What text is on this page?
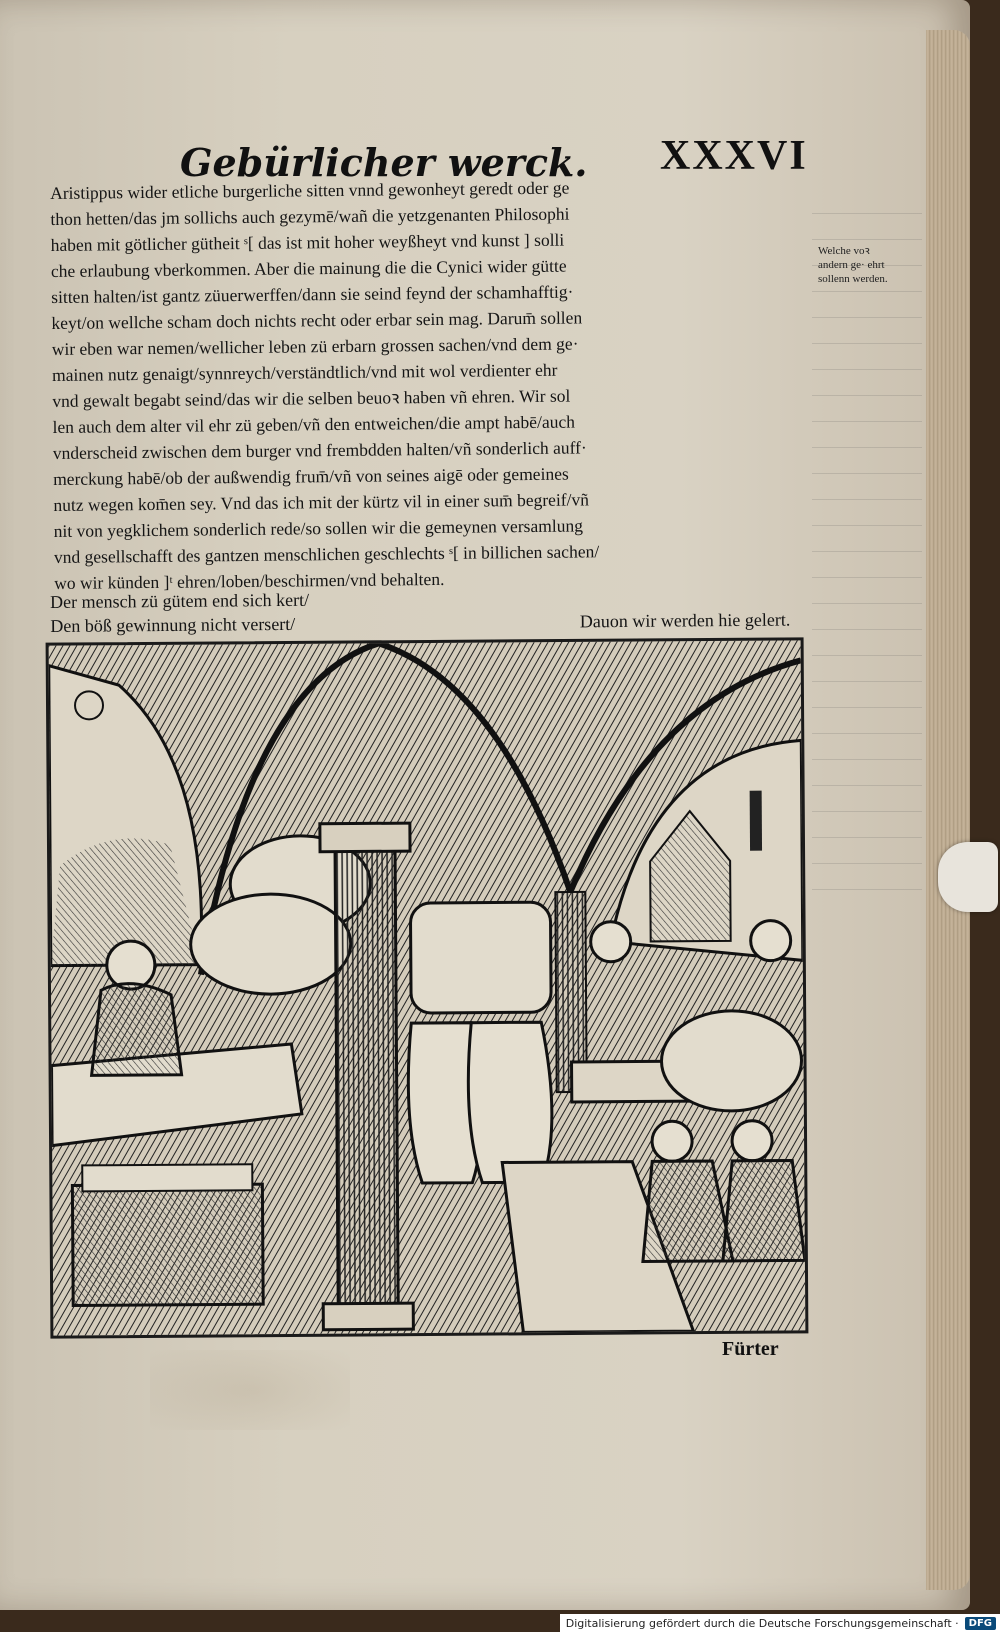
Gebürlicher werck. XXXVI
Aristippus wider etliche burgerliche sitten vnnd gewonheyt geredt oder ge
thon hetten/das jm sollichs auch gezymē/wañ die yetzgenanten Philosophi
haben mit götlicher gütheit ˢ[ das ist mit hoher weyßheyt vnd kunst ] solli
che erlaubung vberkommen. Aber die mainung die die Cynici wider gütte
sitten halten/ist gantz züuerwerffen/dann sie seind feynd der schamhafftig·
keyt/on wellche scham doch nichts recht oder erbar sein mag. Darum̄ sollen
wir eben war nemen/wellicher leben zü erbarn grossen sachen/vnd dem ge·
mainen nutz genaigt/synnreych/verständtlich/vnd mit wol verdienter ehr
vnd gewalt begabt seind/das wir die selben beuoꝛ haben vñ ehren. Wir sol
len auch dem alter vil ehr zü geben/vñ den entweichen/die ampt habē/auch
vnderscheid zwischen dem burger vnd frembdden halten/vñ sonderlich auff·
merckung habē/ob der außwendig frum̄/vñ von seines aigē oder gemeines
nutz wegen kom̄en sey. Vnd das ich mit der kürtz vil in einer sum̄ begreif/vñ
nit von yegklichem sonderlich rede/so sollen wir die gemeynen versamlung
vnd gesellschafft des gantzen menschlichen geschlechts ˢ[ in billichen sachen/
wo wir künden ]ᵗ ehren/loben/beschirmen/vnd behalten.
Welche voꝛ andern ge· ehrt sollenn werden.
Der mensch zü gütem end sich kert/
Den böß gewinnung nicht versert/	Dauon wir werden hie gelert.
Fürter
Digitalisierung gefördert durch die Deutsche Forschungsgemeinschaft ·	DFG
